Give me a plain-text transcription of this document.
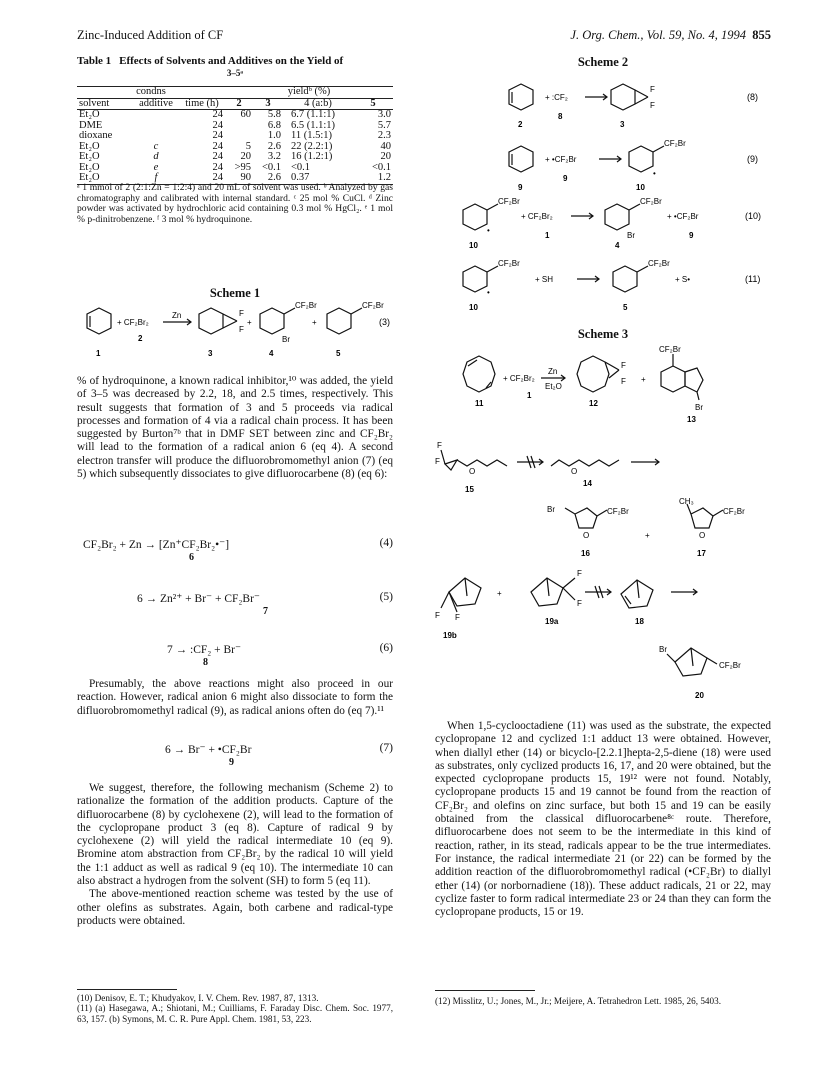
Zinc-Induced Addition of CF	J. Org. Chem., Vol. 59, No. 4, 1994 855
Table 1 Effects of Solvents and Additives on the Yield of
3–5ᵃ
condns			yieldᵇ (%)			
solvent	additive	time (h)	2	3	4 (a:b)	5
Et₂O		24	60	5.8	6.7 (1.1:1)	3.0
DME		24		6.8	6.5 (1.1:1)	5.7
dioxane		24		1.0	11 (1.5:1)	2.3
Et₂O	c	24	5	2.6	22 (2.2:1)	40
Et₂O	d	24	20	3.2	16 (1.2:1)	20
Et₂O	e	24	>95	<0.1	<0.1	<0.1
Et₂O	f	24	90	2.6	0.37	1.2
ᵃ 1 mmol of 2 (2:1:Zn = 1:2:4) and 20 mL of solvent was used. ᵇ Analyzed by gas chromatography and calibrated with internal standard. ᶜ 25 mol % CuCl. ᵈ Zinc powder was activated by hydrochloric acid containing 0.3 mol % HgCl₂. ᵉ 1 mol % p-dinitrobenzene. ᶠ 3 mol % hydroquinone.
Scheme 1
+ CF₂Br₂
2
Zn	F
F
+
CF₂Br
Br
+
CF₂Br
(3)
1	3	4	5

% of hydroquinone, a known radical inhibitor,¹⁰ was added, the yield of 3–5 was decreased by 2.2, 18, and 2.5 times, respectively. This result suggests that formation of 3 and 5 proceeds via radical processes and formation of 4 via a radical chain process. It has been suggested by Burton⁷ᵇ that in DMF SET between zinc and CF₂Br₂ will lead to the formation of a radical anion 6 (eq 4). A second electron transfer will produce the difluorobromomethyl anion (7) (eq 5) which subsequently dissociates to give difluorocarbene (8) (eq 6):

CF₂Br₂ + Zn → [Zn⁺CF₂Br₂•⁻]
6
(4)
6 → Zn²⁺ + Br⁻ + CF₂Br⁻
7
(5)
7 → :CF₂ + Br⁻
8
(6)

Presumably, the above reactions might also proceed in our reaction. However, radical anion 6 might also dissociate to form the difluorobromomethyl radical (9), as radical anions often do (eq 7).¹¹

6 → Br⁻ + •CF₂Br
9
(7)

We suggest, therefore, the following mechanism (Scheme 2) to rationalize the formation of the addition products. Capture of the difluorocarbene (8) by cyclohexene (2), will lead to the formation of the cyclopropane product 3 (eq 8). Capture of radical 9 by cyclohexene (2) will yield the radical intermediate 10 (eq 9). Bromine atom abstraction from CF₂Br₂ by the radical 10 will yield the 1:1 adduct as well as radical 9 (eq 10). The intermediate 10 can also abstract a hydrogen from the solvent (SH) to form 5 (eq 11).

The above-mentioned reaction scheme was tested by the use of other olefins as substrates. Again, both carbene and radical-type products were obtained.

(10) Denisov, E. T.; Khudyakov, I. V. Chem. Rev. 1987, 87, 1313.
(11) (a) Hasegawa, A.; Shiotani, M.; Cuilliams, F. Faraday Disc. Chem. Soc. 1977, 63, 157. (b) Symons, M. C. R. Pure Appl. Chem. 1981, 53, 223.
Scheme 2
+ :CF₂
F
F
(8)
2
8
3
+ •CF₂Br
CF₂Br
•
(9)
9
9
10
CF₂Br
•
+ CF₂Br₂
CF₂Br
Br
+ •CF₂Br	(10)
10
1
4
9
CF₂Br
•
+ SH
CF₂Br
+ S•	(11)
10	5
Scheme 3
+ CF₂Br₂
Zn
Et₂O
F
F +
CF₂Br
Br
11
1
12
13
F
F
O	O
15
14
Br	CF₂Br
O	+
CH₃
CF₂Br
O
16	17
F F
+
F
F
19b
19a	18
Br
CF₂Br
20

When 1,5-cyclooctadiene (11) was used as the substrate, the expected cyclopropane 12 and cyclized 1:1 adduct 13 were obtained. However, when diallyl ether (14) or bicyclo-[2.2.1]hepta-2,5-diene (18) were used as substrates, only cyclized products 16, 17, and 20 were obtained, but the expected cyclopropane products 15, 19¹² were not found. Notably, cyclopropane products 15 and 19 cannot be found from the reaction of CF₂Br₂ and olefins on zinc surface, but both 15 and 19 can be easily obtained from the classical difluorocarbene⁸ᶜ route. Therefore, difluorocarbene does not seem to be the intermediate in this kind of reaction, rather, in its stead, radicals appear to be the true intermediates. For instance, the radical intermediate 21 (or 22) can be formed by the addition reaction of the difluorobromomethyl radical (•CF₂Br) to diallyl ether (14) (or norbornadiene (18)). These adduct radicals, 21 or 22, may cyclize faster to form radical intermediate 23 or 24 than they can form the cyclopropane products, 15 or 19.

(12) Misslitz, U.; Jones, M., Jr.; Meijere, A. Tetrahedron Lett. 1985, 26, 5403.
